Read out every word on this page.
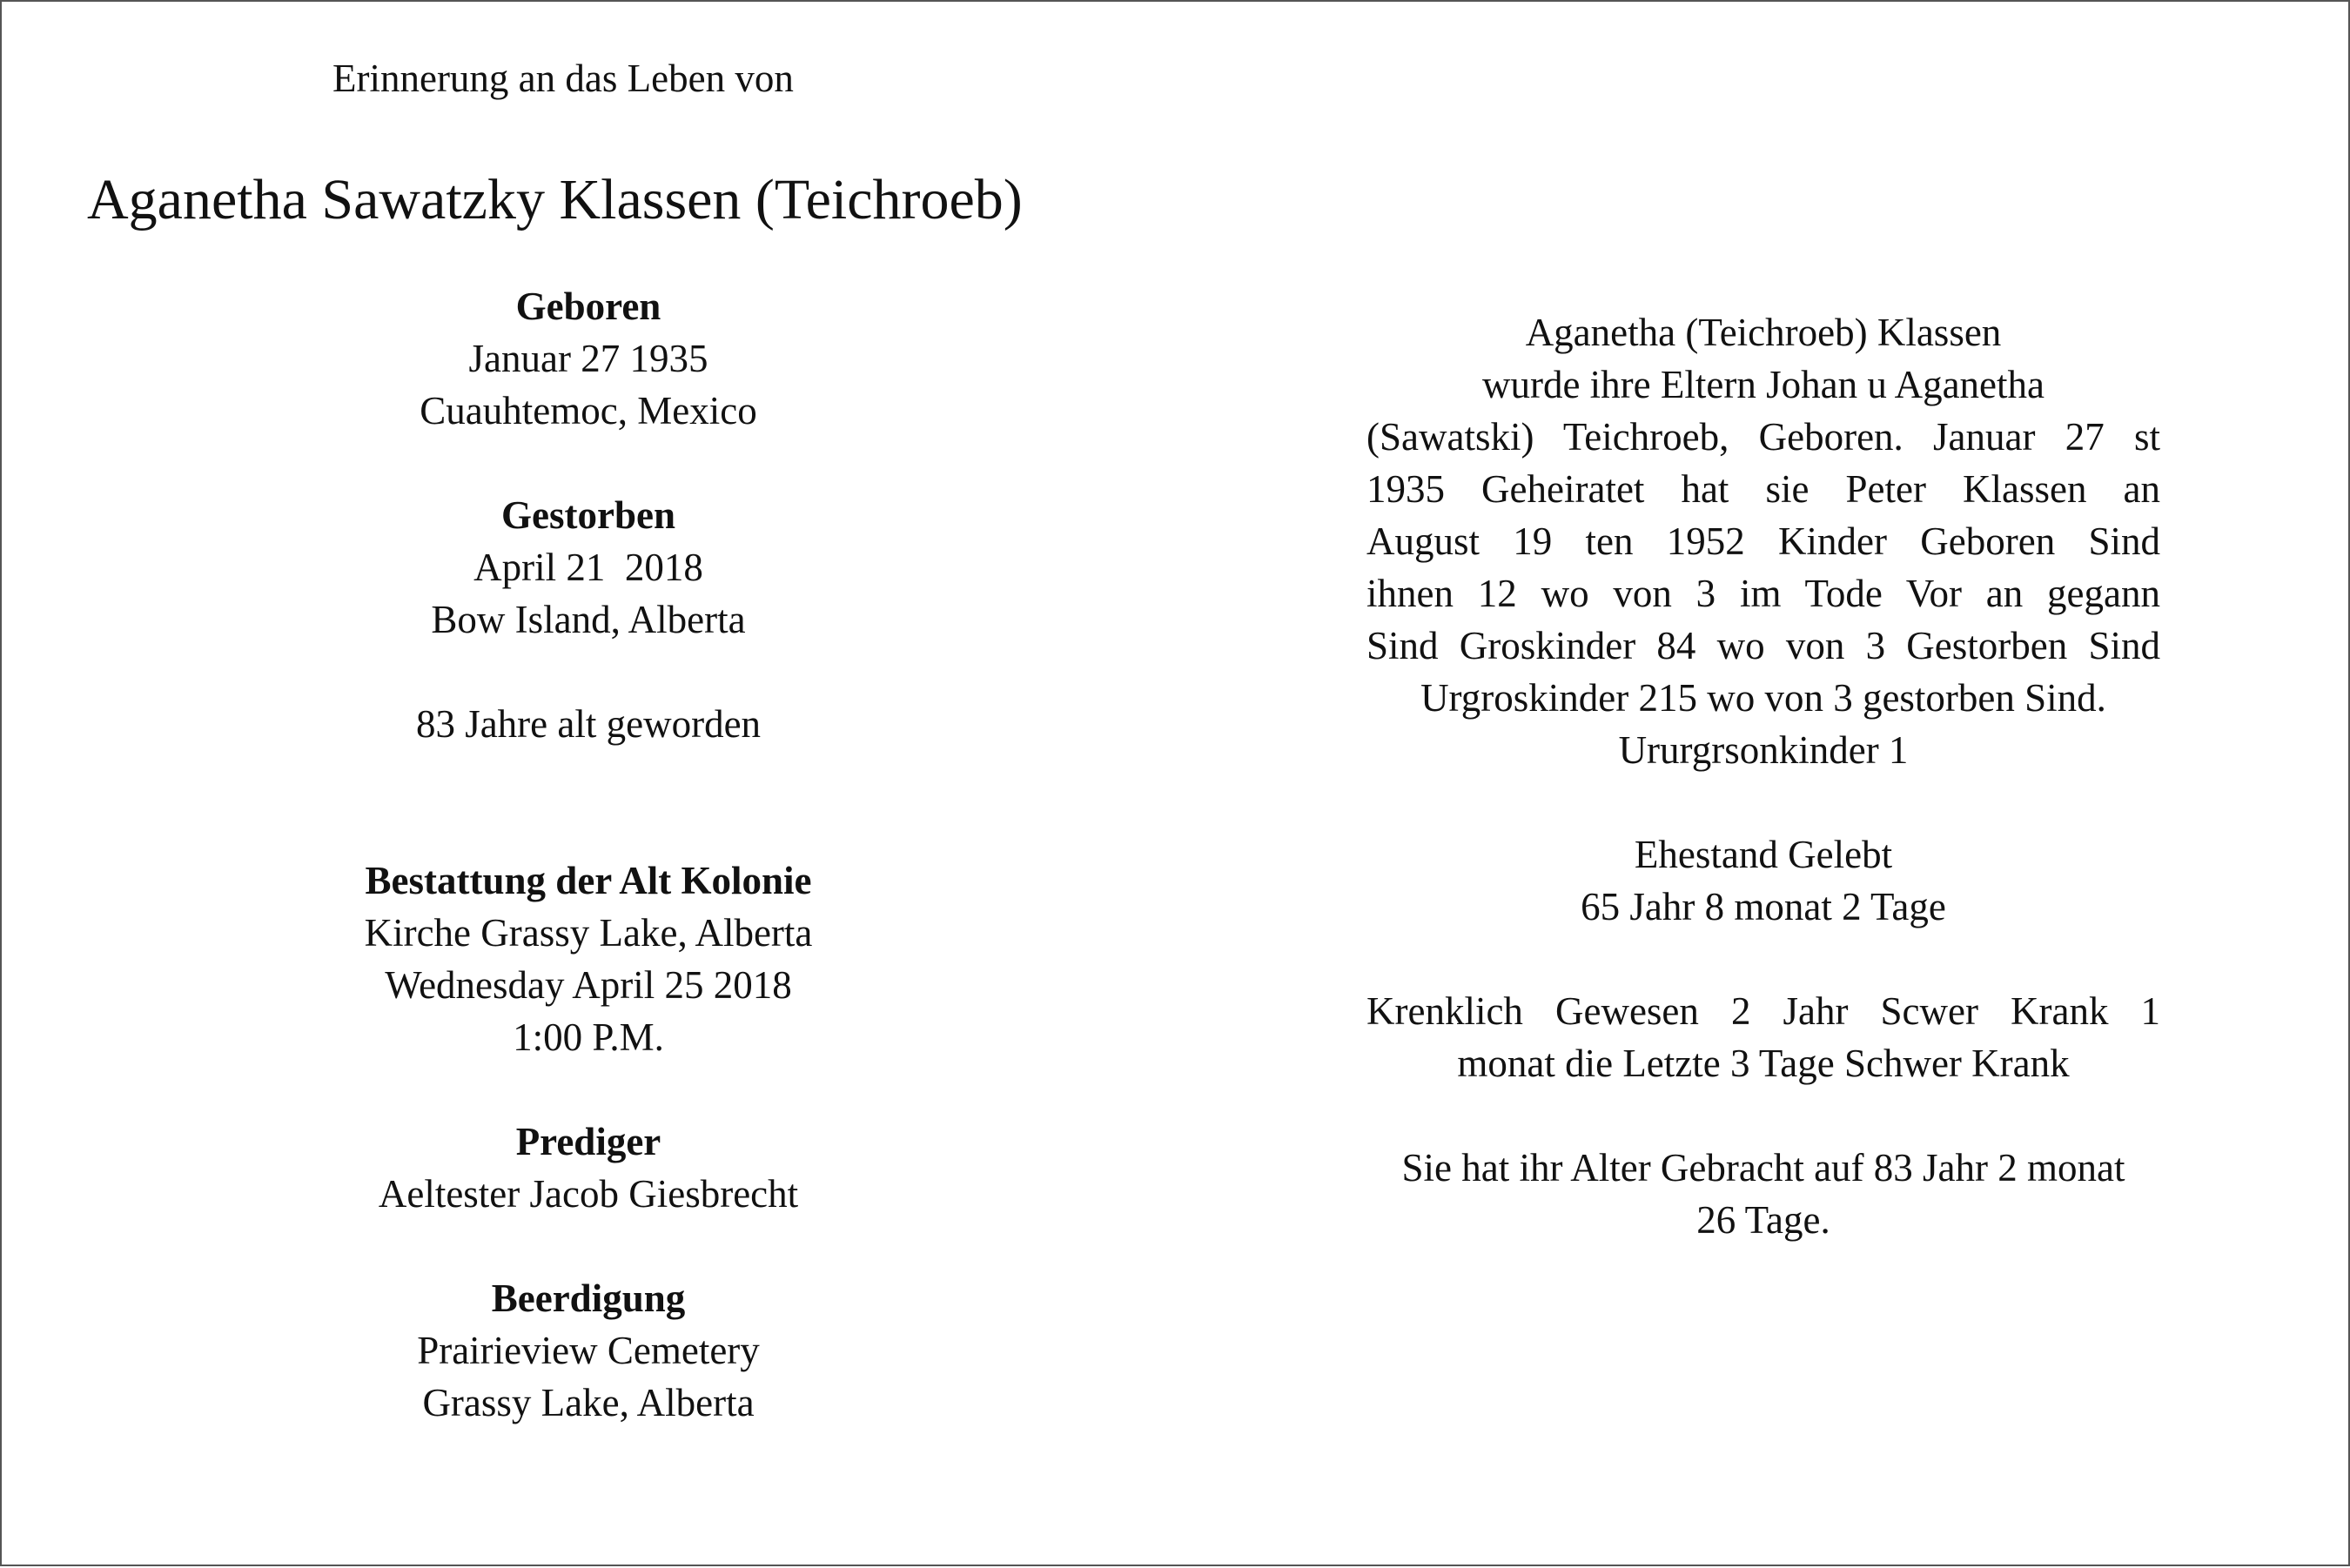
Erinnerung an das Leben von
Aganetha Sawatzky Klassen (Teichroeb)
Geboren
Januar 27 1935
Cuauhtemoc, Mexico
Gestorben
April 21  2018
Bow Island, Alberta
83 Jahre alt geworden
Bestattung der Alt Kolonie
Kirche Grassy Lake, Alberta
Wednesday April 25 2018
1:00 P.M.
Prediger
Aeltester Jacob Giesbrecht
Beerdigung
Prairieview Cemetery
Grassy Lake, Alberta
Aganetha (Teichroeb) Klassen
wurde ihre Eltern Johan u Aganetha
(Sawatski) Teichroeb, Geboren. Januar 27 st
1935 Geheiratet hat sie Peter Klassen an
August 19 ten 1952 Kinder Geboren Sind
ihnen 12 wo von 3 im Tode Vor an gegann
Sind Groskinder 84 wo von 3 Gestorben Sind
Urgroskinder 215 wo von 3 gestorben Sind.
Ururgrsonkinder 1
Ehestand Gelebt
65 Jahr 8 monat 2 Tage
Krenklich Gewesen 2 Jahr Scwer Krank 1
monat die Letzte 3 Tage Schwer Krank
Sie hat ihr Alter Gebracht auf 83 Jahr 2 monat
26 Tage.
